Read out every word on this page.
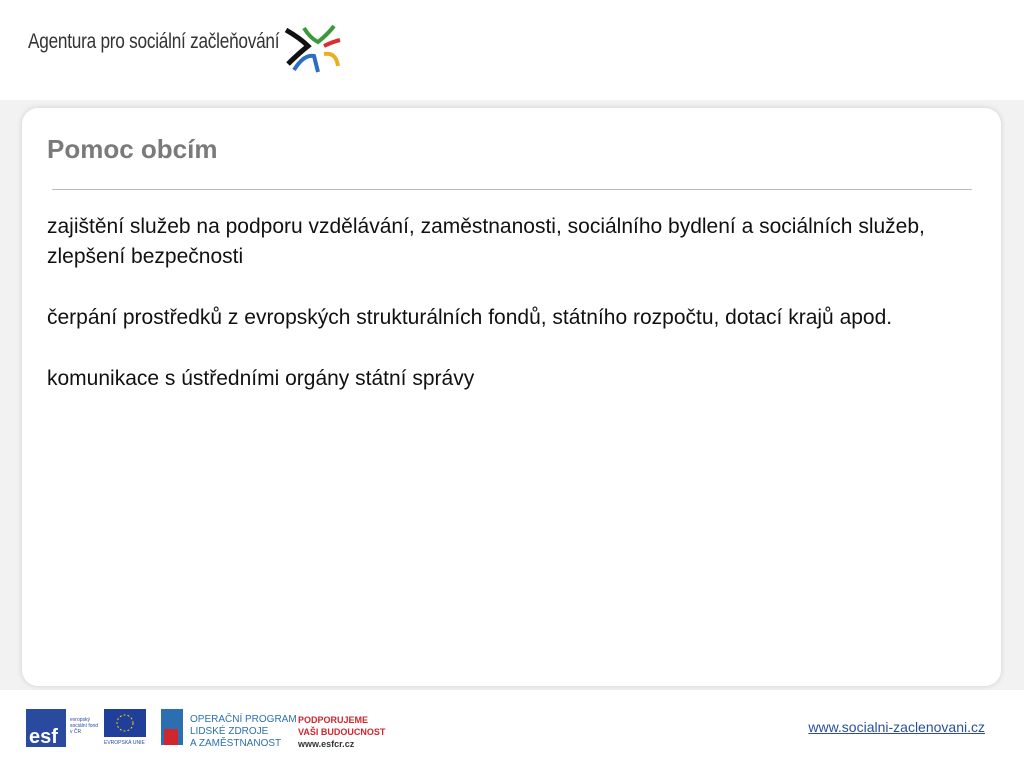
Agentura pro sociální začleňování
Pomoc obcím

zajištění služeb na podporu vzdělávání, zaměstnanosti, sociálního bydlení a sociálních služeb, zlepšení bezpečnosti

čerpání prostředků z evropských strukturálních fondů, státního rozpočtu, dotací krajů apod.

komunikace s ústředními orgány státní správy

esf
evropský sociální fond v ČR
EVROPSKÁ UNIE
OPERAČNÍ PROGRAM
LIDSKÉ ZDROJE
A ZAMĚSTNANOST
PODPORUJEME
VAŠI BUDOUCNOST
www.esfcr.cz
www.socialni-zaclenovani.cz
